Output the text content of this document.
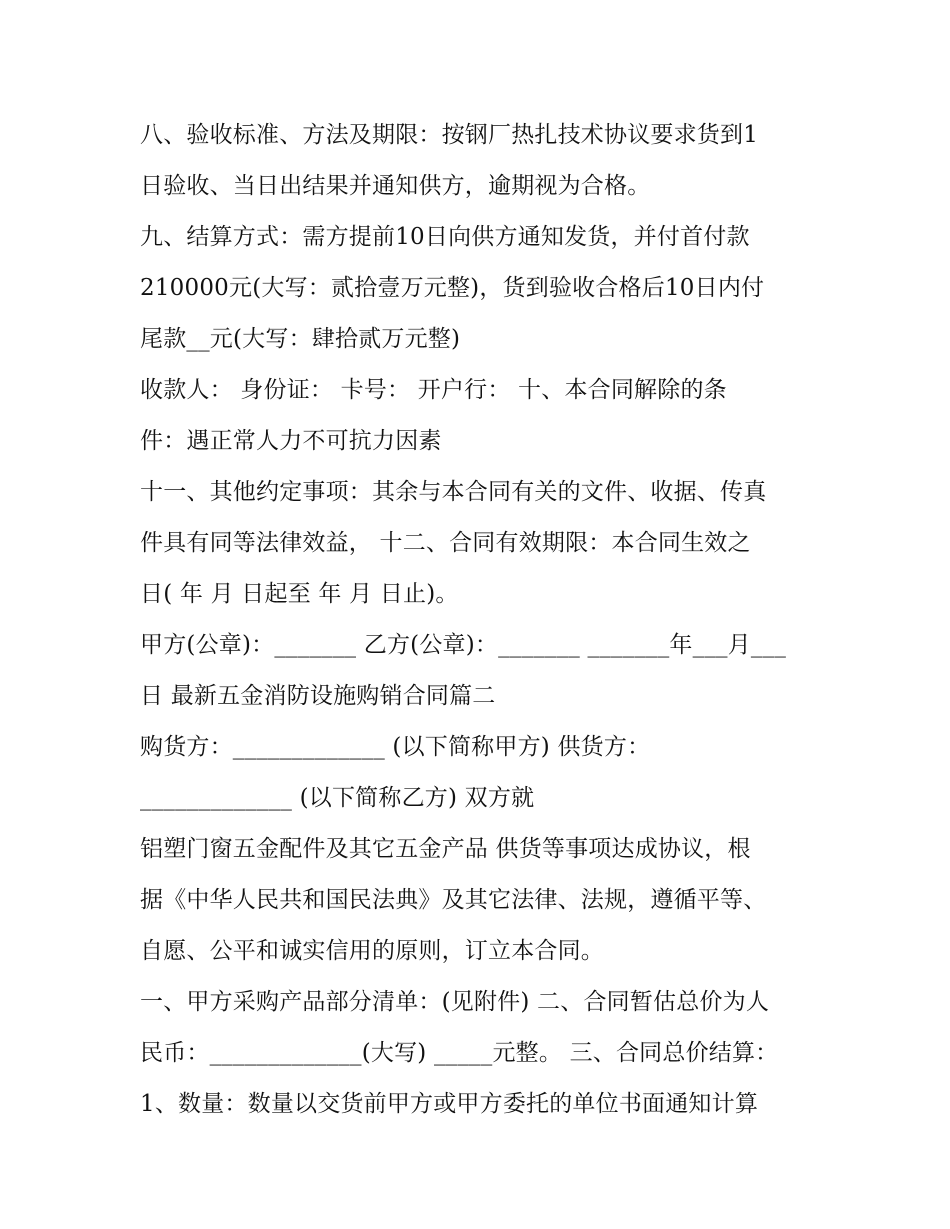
八、验收标准、方法及期限：按钢厂热扎技术协议要求货到1
日验收、当日出结果并通知供方，逾期视为合格。
九、结算方式：需方提前10日向供方通知发货，并付首付款
210000元(大写：贰拾壹万元整)，货到验收合格后10日内付
尾款__元(大写：肆拾贰万元整)
收款人： 身份证： 卡号： 开户行： 十、本合同解除的条
件：遇正常人力不可抗力因素
十一、其他约定事项：其余与本合同有关的文件、收据、传真
件具有同等法律效益， 十二、合同有效期限：本合同生效之
日( 年 月 日起至 年 月 日止)。
甲方(公章)：_______ 乙方(公章)：_______ _______年___月___
日 最新五金消防设施购销合同篇二
购货方：_____________ (以下简称甲方) 供货方：
_____________ (以下简称乙方) 双方就
铝塑门窗五金配件及其它五金产品 供货等事项达成协议，根
据《中华人民共和国民法典》及其它法律、法规，遵循平等、
自愿、公平和诚实信用的原则，订立本合同。
一、甲方采购产品部分清单：(见附件) 二、合同暂估总价为人
民币：_____________(大写) _____元整。 三、合同总价结算：
1、数量：数量以交货前甲方或甲方委托的单位书面通知计算
